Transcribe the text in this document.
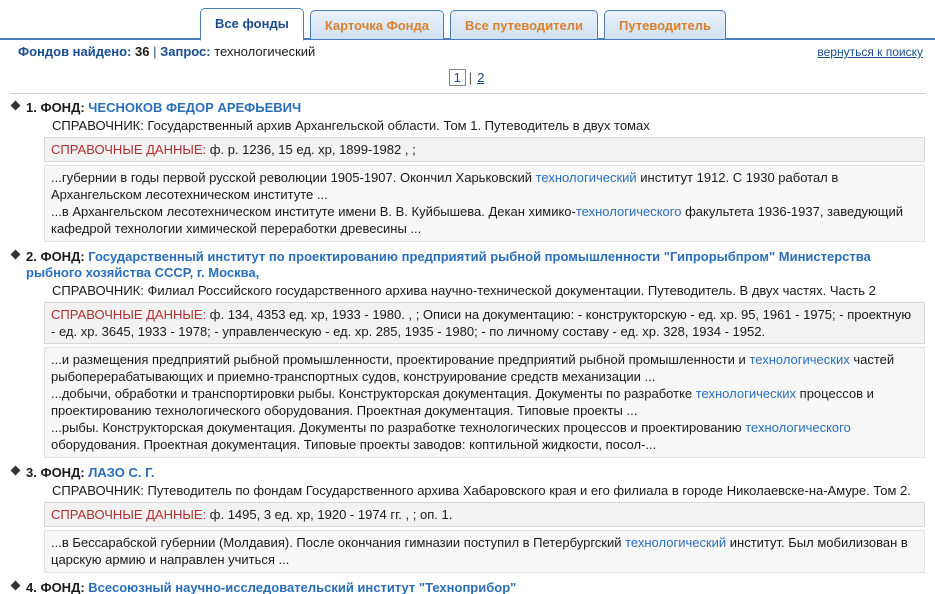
Все фонды	Карточка Фонда	Все путеводители	Путеводитель
Фондов найдено: 36 | Запрос: технологический	вернуться к поиску
1 | 2
1. ФОНД: ЧЕСНОКОВ ФЕДОР АРЕФЬЕВИЧ
СПРАВОЧНИК: Государственный архив Архангельской области. Том 1. Путеводитель в двух томах
СПРАВОЧНЫЕ ДАННЫЕ: ф. р. 1236, 15 ед. хр, 1899-1982 , ;
...губернии в годы первой русской революции 1905-1907. Окончил Харьковский технологический институт 1912. С 1930 работал в Архангельском лесотехническом институте ...
...в Архангельском лесотехническом институте имени В. В. Куйбышева. Декан химико-технологического факультета 1936-1937, заведующий кафедрой технологии химической переработки древесины ...
2. ФОНД: Государственный институт по проектированию предприятий рыбной промышленности "Гипрорыбпром" Министерства рыбного хозяйства СССР, г. Москва,
СПРАВОЧНИК: Филиал Российского государственного архива научно-технической документации. Путеводитель. В двух частях. Часть 2
СПРАВОЧНЫЕ ДАННЫЕ: ф. 134, 4353 ед. хр, 1933 - 1980. , ; Описи на документацию: - конструкторскую - ед. хр. 95, 1961 - 1975; - проектную - ед. хр. 3645, 1933 - 1978; - управленческую - ед. хр. 285, 1935 - 1980; - по личному составу - ед. хр. 328, 1934 - 1952.
...и размещения предприятий рыбной промышленности, проектирование предприятий рыбной промышленности и технологических частей рыбоперерабатывающих и приемно-транспортных судов, конструирование средств механизации ...
...добычи, обработки и транспортировки рыбы. Конструкторская документация. Документы по разработке технологических процессов и проектированию технологического оборудования. Проектная документация. Типовые проекты ...
...рыбы. Конструкторская документация. Документы по разработке технологических процессов и проектированию технологического оборудования. Проектная документация. Типовые проекты заводов: коптильной жидкости, посол-...
3. ФОНД: ЛАЗО С. Г.
СПРАВОЧНИК: Путеводитель по фондам Государственного архива Хабаровского края и его филиала в городе Николаевске-на-Амуре. Том 2.
СПРАВОЧНЫЕ ДАННЫЕ: ф. 1495, 3 ед. хр, 1920 - 1974 гг. , ; оп. 1.
...в Бессарабской губернии (Молдавия). После окончания гимназии поступил в Петербургский технологический институт. Был мобилизован в царскую армию и направлен учиться ...
4. ФОНД: Всесоюзный научно-исследовательский институт "Техноприбор"
